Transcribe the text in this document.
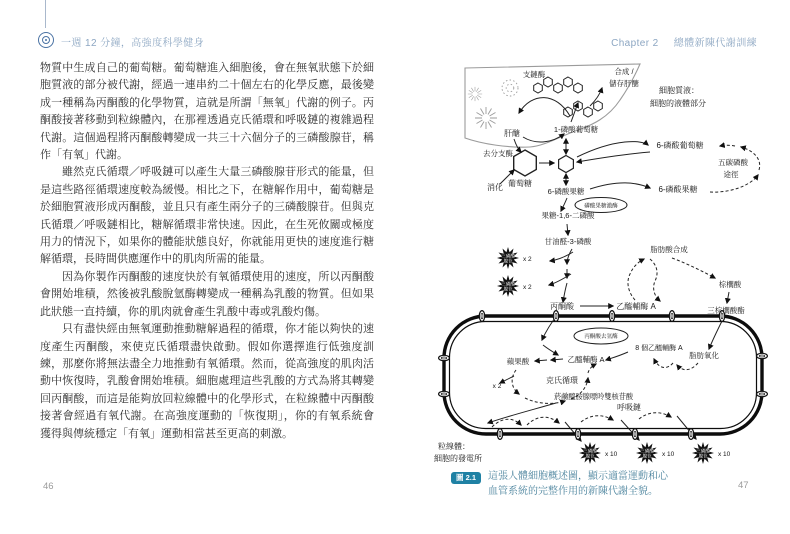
一週 12 分鐘，高強度科學健身	Chapter 2 總體新陳代謝訓練

物質中生成自己的葡萄糖。葡萄糖進入細胞後，會在無氧狀態下於細胞質液的部分被代謝，經過一連串約二十個左右的化學反應，最後變成一種稱為丙酮酸的化學物質，這就是所謂「無氧」代謝的例子。丙酮酸接著移動到粒線體內，在那裡透過克氏循環和呼吸鏈的複雜過程代謝。這個過程將丙酮酸轉變成一共三十六個分子的三磷酸腺苷，稱作「有氧」代謝。

雖然克氏循環／呼吸鏈可以產生大量三磷酸腺苷形式的能量，但是這些路徑循環速度較為緩慢。相比之下，在糖解作用中，葡萄糖是於細胞質液形成丙酮酸，並且只有產生兩分子的三磷酸腺苷。但與克氏循環／呼吸鏈相比，糖解循環非常快速。因此，在生死攸關或極度用力的情況下，如果你的體能狀態良好，你就能用更快的速度進行糖解循環，長時間供應運作中的肌肉所需的能量。

因為你製作丙酮酸的速度快於有氧循環使用的速度，所以丙酮酸會開始堆積，然後被乳酸脫氫酶轉變成一種稱為乳酸的物質。但如果此狀態一直持續，你的肌肉就會產生乳酸中毒或乳酸灼傷。

只有盡快經由無氧運動推動糖解過程的循環，你才能以夠快的速度產生丙酮酸，來使克氏循環盡快啟動。假如你選擇進行低強度訓練，那麼你將無法盡全力地推動有氧循環。然而，從高強度的肌肉活動中恢復時，乳酸會開始堆積。細胞處理這些乳酸的方式為將其轉變回丙酮酸，而這是能夠放回粒線體中的化學形式，在粒線體中丙酮酸接著會經過有氧代謝。在高強度運動的「恢復期」，你的有氧系統會獲得與傳統穩定「有氧」運動相當甚至更高的刺激。

46	47
三磷酸
腺苷
三磷酸
腺苷
三磷酸
腺苷
三磷酸
腺苷
三磷酸
腺苷
支鏈酶	合成 /
儲存肝醣
細胞質液：
細胞的液體部分
肝醣	1-磷酸葡萄糖
去分支酶
葡萄糖
消化
6-磷酸葡萄糖
五碳磷酸
途徑
6-磷酸果糖
6-磷酸果糖
磷酸果糖激酶
果糖-1,6-二磷酸
甘油醛-3-磷酸
x 2
x 2
丙酮酸	乙醯輔酶 A
脂肪酸合成
棕櫚酸
三棕櫚酸酯
丙酮酸去氫酶
蘋果酸	乙醯輔酶 A
8 個乙醯輔酶 A
脂肪氧化
克氏循環
x 2
菸鹼醯胺腺嘌呤雙核苷酸
呼吸鏈
粒線體：
細胞的發電所	x 10	x 10	x 10
圖 2.1	這張人體細胞概述圖，顯示適當運動和心
血管系統的完整作用的新陳代謝全貌。
